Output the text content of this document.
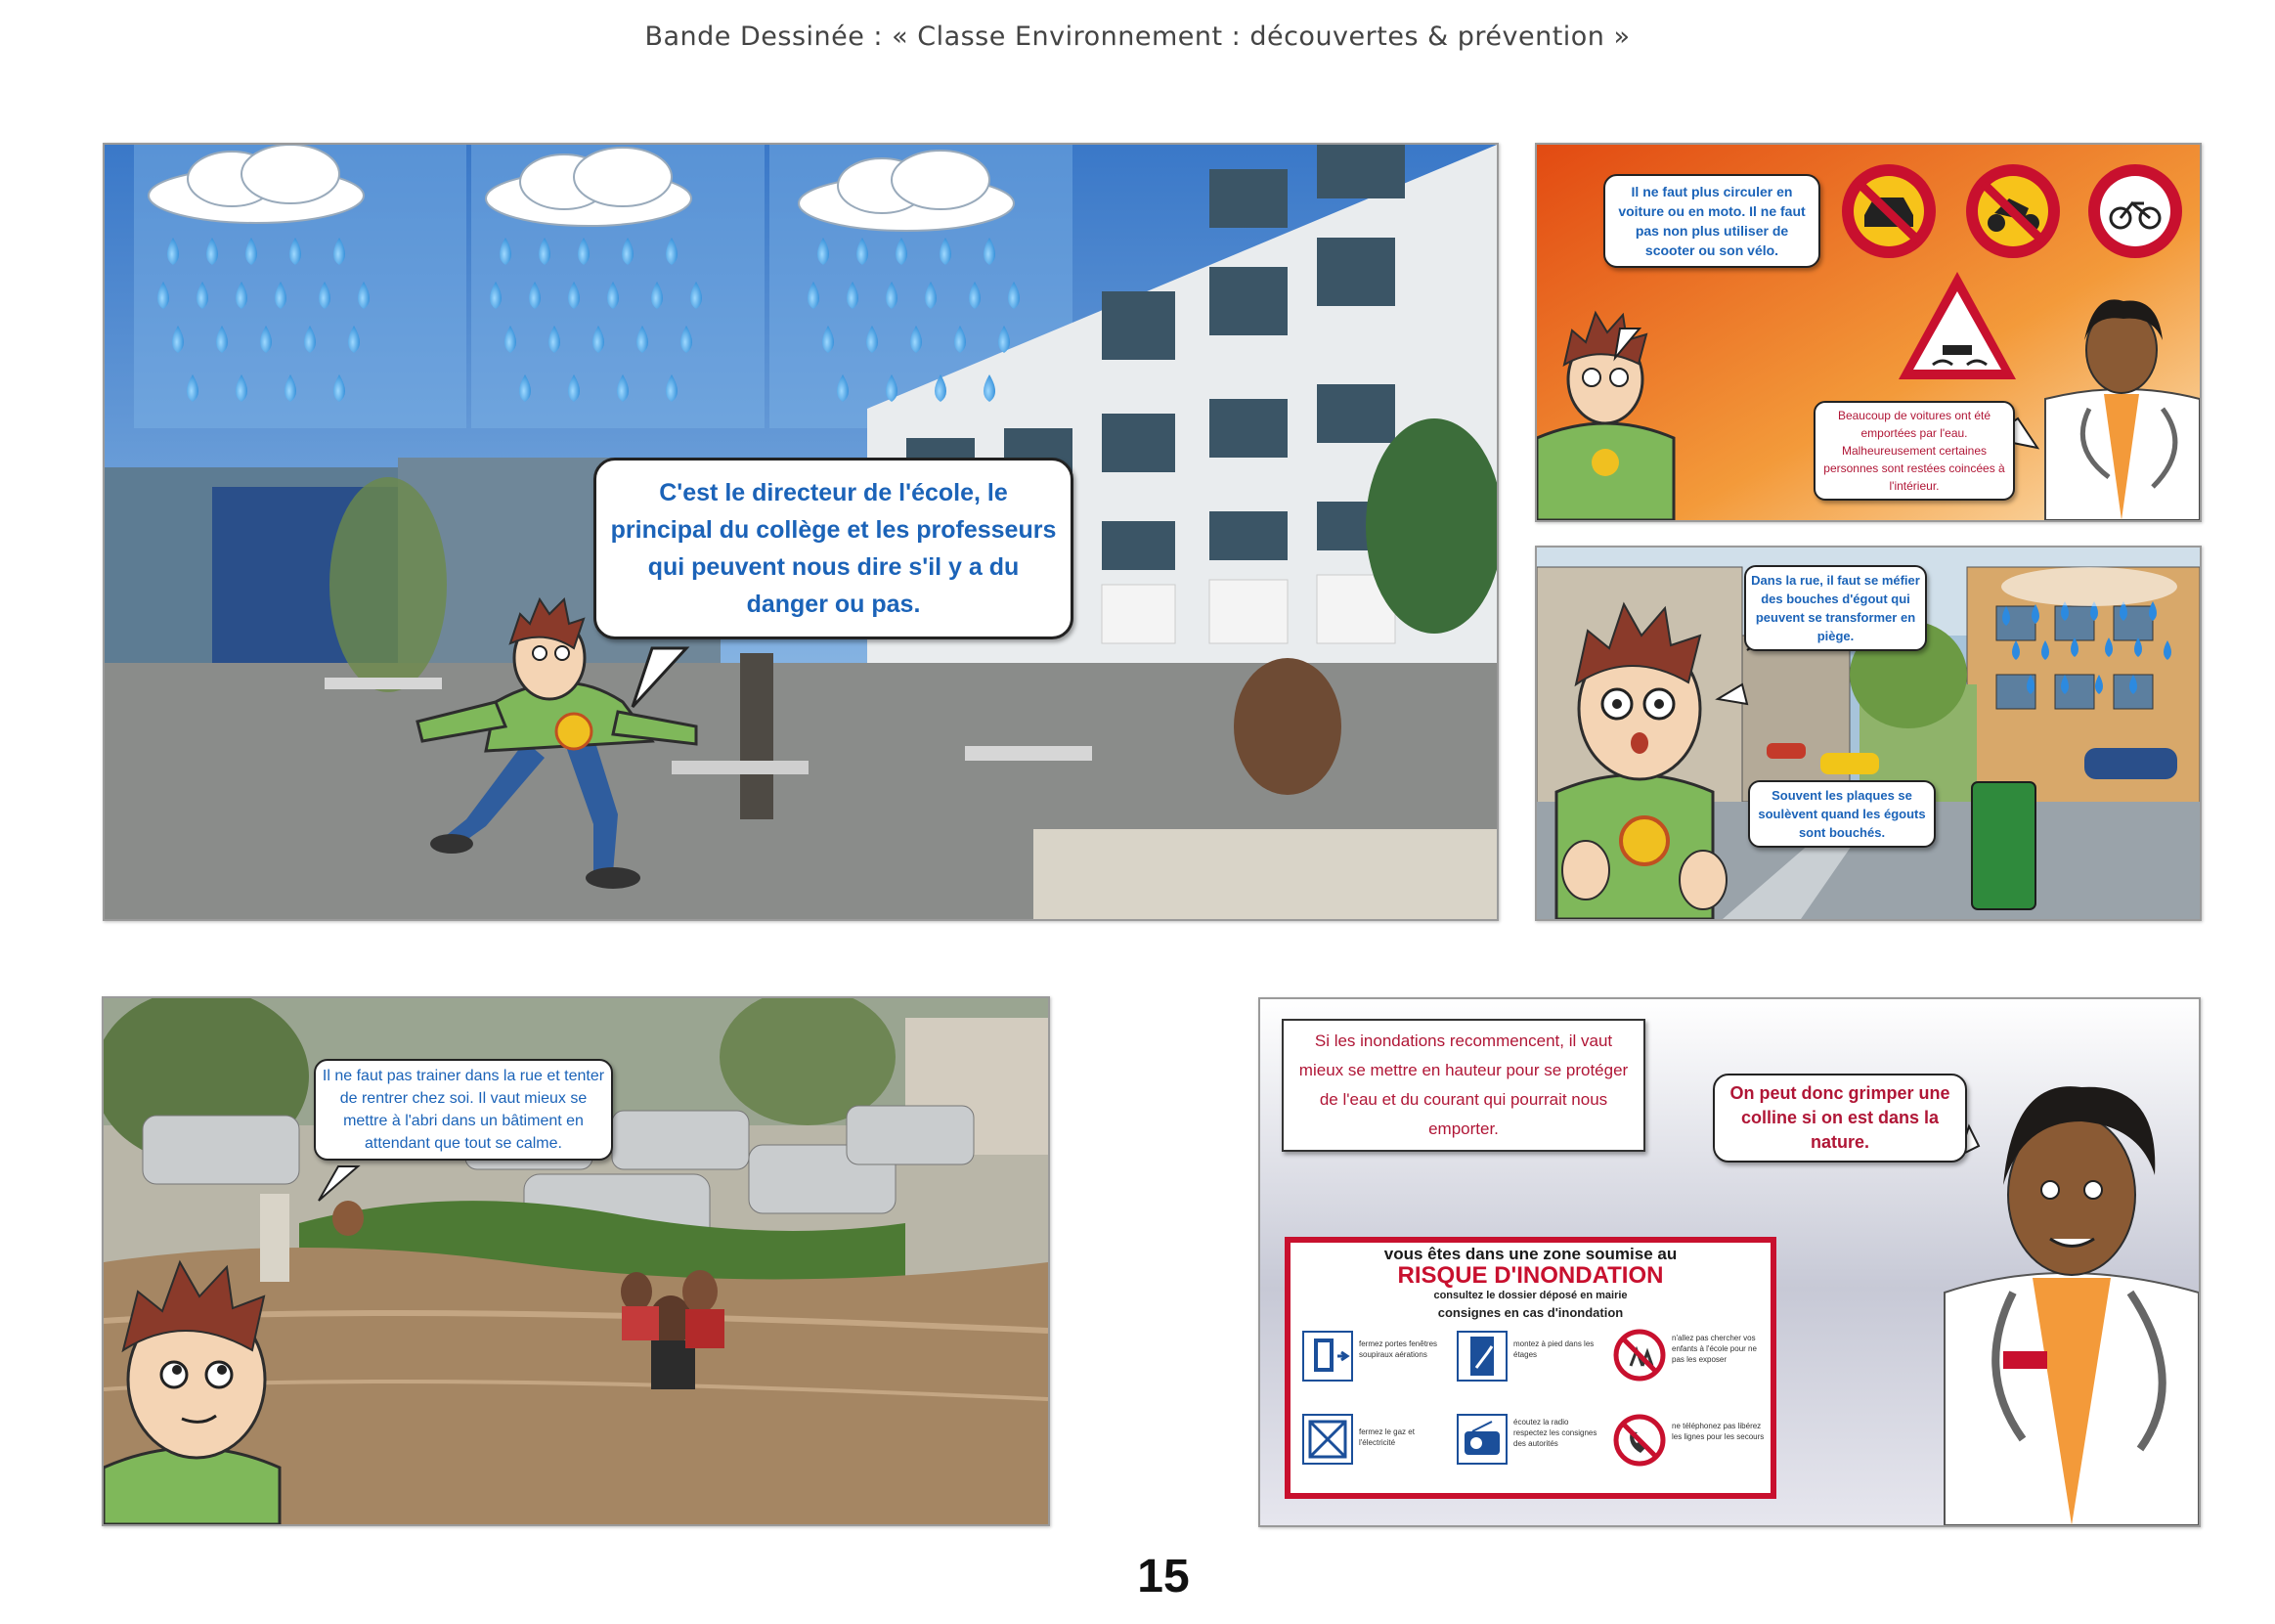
Bande Dessinée : « Classe Environnement : découvertes & prévention »
C'est le directeur de l'école, le principal du collège et les professeurs qui peuvent nous dire s'il y a du danger ou pas.
Il ne faut plus circuler en voiture ou en moto. Il ne faut pas non plus utiliser de scooter ou son vélo.
Beaucoup de voitures ont été emportées par l'eau. Malheureusement certaines personnes sont restées coincées à l'intérieur.
Dans la rue, il faut se méfier des bouches d'égout qui peuvent se transformer en piège.
Souvent les plaques se soulèvent quand les égouts sont bouchés.
Il ne faut pas trainer dans la rue et tenter de rentrer chez soi. Il vaut mieux se mettre à l'abri dans un bâtiment en attendant que tout se calme.
Si les inondations recommencent, il vaut mieux se mettre en hauteur pour se protéger de l'eau et du courant qui pourrait nous emporter.
On peut donc grimper une colline si on est dans la nature.
vous êtes dans une zone soumise au
RISQUE D'INONDATION
consultez le dossier déposé en mairie
consignes en cas d'inondation
fermez portes fenêtres soupiraux aérations
montez à pied dans les étages
n'allez pas chercher vos enfants à l'école pour ne pas les exposer
fermez le gaz et l'électricité
écoutez la radio respectez les consignes des autorités
ne téléphonez pas libérez les lignes pour les secours
15
